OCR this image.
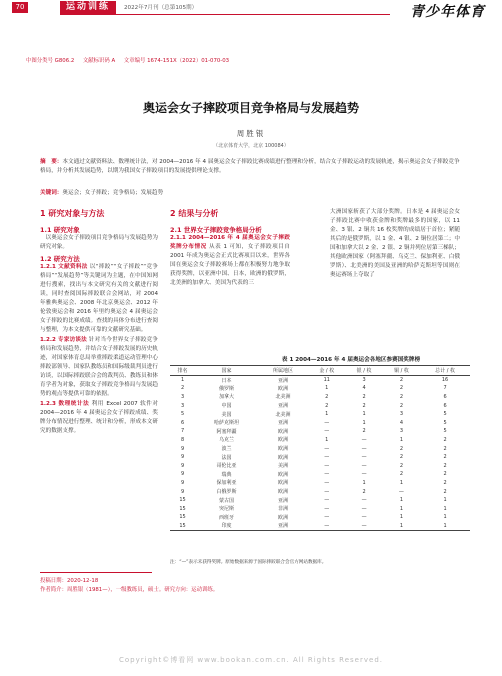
70	运动训练	2022年7月刊（总第105期）	青少年体育
中图分类号 G806.2 文献标识码 A 文章编号 1674-151X（2022）01-070-03
奥运会女子摔跤项目竞争格局与发展趋势
周胜银
（北京体育大学，北京 100084）
摘　要：本文通过文献资料法、数理统计法，对 2004—2016 年 4 届奥运会女子摔跤比赛成绩进行整理和分析，结合女子摔跤运动的发展轨迹，揭示奥运会女子摔跤竞争格局，并分析其发展趋势，以期为我国女子摔跤项目的发展提供理论支撑。
关键词：奥运会；女子摔跤；竞争格局；发展趋势
1 研究对象与方法
1.1 研究对象
　以奥运会女子摔跤项目竞争格局与发展趋势为研究对象。
1.2 研究方法
1.2.1 文献资料法 以“摔跤”“女子摔跤”“竞争格局”“发展趋势”等关键词为主题，在中国知网进行搜索，找出与本文研究有关的文献进行阅读，同时查阅国际摔跤联合会网站，对 2004 年雅典奥运会、2008 年北京奥运会、2012 年伦敦奥运会和 2016 年里约奥运会 4 届奥运会女子摔跤的比赛成绩。查找的具体分布进行查阅与整理，为本文提供可靠的文献研究基础。
1.2.2 专家访谈法 针对当今世界女子摔跤竞争格局和发展趋势，并结合女子摔跤发展的历史轨迹，对国家体育总局举重摔跤柔道运动管理中心摔跤部领导、国家队教练员和国际级裁判员进行访谈，以国际摔跤联合会的裁判员、教练员和体育学者为对象，获取女子摔跤竞争格局与发展趋势的观点等提供可靠的依据。
1.2.3 数理统计法 利用 Excel 2007 软件对 2004—2016 年 4 届奥运会女子摔跤成绩、奖牌分布情况进行整理、统计和分析，形成本文研究的数据支撑。
2 结果与分析
2.1 世界女子摔跤竞争格局分析
2.1.1 2004—2016 年 4 届奥运会女子摔跤奖牌分布情况 从表 1 可知，女子摔跤项目自 2001 年成为奥运会正式比赛项目以来，世界各国在奥运会女子摔跤赛场上都在积极努力地争取获得奖牌，以亚洲中国、日本，欧洲的俄罗斯，北美洲的加拿大、美国为代表的三
大洲国家斩获了大部分奖牌。日本是 4 届奥运会女子摔跤比赛中收获金牌和奖牌最多的国家，以 11 金、3 银、2 铜共 16 枚奖牌的成绩居于首位；紧随其后的是俄罗斯，以 1 金、4 银、2 铜位居第二；中国和加拿大以 2 金、2 银、2 铜并列位居第三梯队；其他欧洲国家（阿塞拜疆、乌克兰、保加利亚、白俄罗斯）、北美洲的美国及亚洲的哈萨克斯坦等国则在奥运赛场上夺取了
表 1 2004—2016 年 4 届奥运会各地区参赛国奖牌榜
排名	国家	所属地区	金 / 枚	银 / 枚	铜 / 枚	总计 / 枚
1	日本	亚洲	11	3	2	16
2	俄罗斯	欧洲	1	4	2	7
3	加拿大	北美洲	2	2	2	6
3	中国	亚洲	2	2	2	6
5	美国	北美洲	1	1	3	5
6	哈萨克斯坦	亚洲	—	1	4	5
7	阿塞拜疆	欧洲	—	2	3	5
8	乌克兰	欧洲	1	—	1	2
9	波兰	欧洲	—	—	2	2
9	法国	欧洲	—	—	2	2
9	哥伦比亚	美洲	—	—	2	2
9	瑞典	欧洲	—	—	2	2
9	保加利亚	欧洲	—	1	1	2
9	白俄罗斯	欧洲	—	2	—	2
15	蒙古国	亚洲	—	—	1	1
15	突尼斯	非洲	—	—	1	1
15	西班牙	欧洲	—	—	1	1
15	印度	亚洲	—	—	1	1
注：“—”表示未获得奖牌。原始数据来源于国际摔跤联合会官方网站数据库。
投稿日期：2020-12-18
作者简介：周胜银（1981—），一级教练员，硕士。研究方向：运动训练。
Copyright©博看网 www.bookan.com.cn. All Rights Reserved.
